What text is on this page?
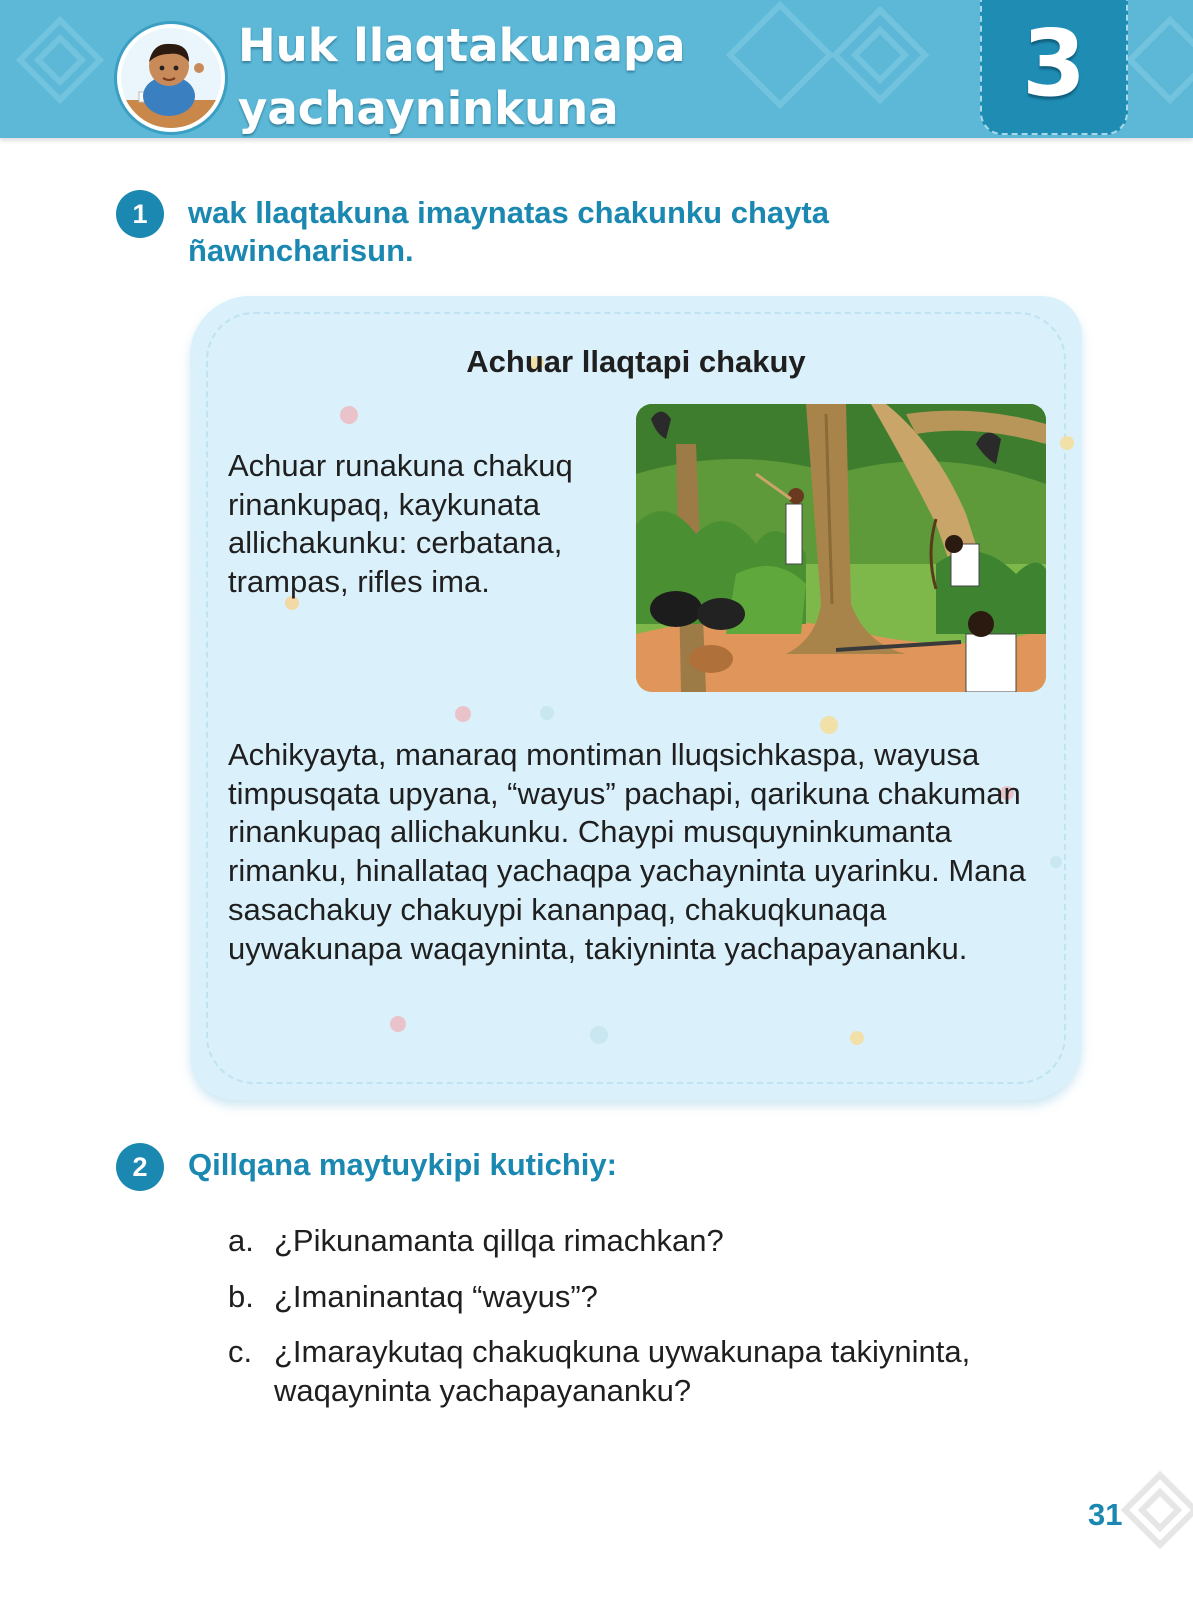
Huk llaqtakunapa yachayninkuna	3
1	wak llaqtakuna imaynatas chakunku chayta ñawincharisun.
Achuar llaqtapi chakuy
Achuar runakuna chakuq rinankupaq, kaykunata allichakunku: cerbatana, trampas, rifles ima.
Achikyayta, manaraq montiman lluqsichkaspa, wayusa timpusqata upyana, “wayus” pachapi, qarikuna chakuman rinankupaq allichakunku. Chaypi musquyninkumanta rimanku, hinallataq yachaqpa yachayninta uyarinku. Mana sasachakuy chakuypi kananpaq, chakuqkunaqa uywakunapa waqayninta, takiyninta yachapayananku.
2	Qillqana maytuykipi kutichiy:
a. ¿Pikunamanta qillqa rimachkan?
b. ¿Imaninantaq “wayus”?
c. ¿Imaraykutaq chakuqkuna uywakunapa takiyninta, waqayninta yachapayananku?
31
